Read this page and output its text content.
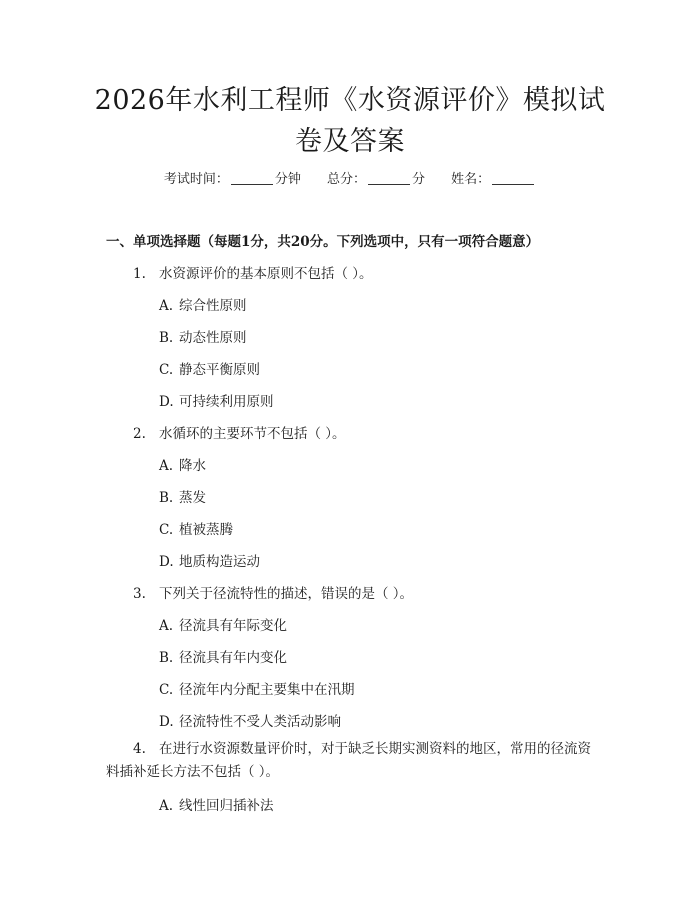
2026年水利工程师《水资源评价》模拟试卷及答案
考试时间：	分钟 总分：	分 姓名：
一、单项选择题（每题1分，共20分。下列选项中，只有一项符合题意）
1. 水资源评价的基本原则不包括（ ）。
A. 综合性原则
B. 动态性原则
C. 静态平衡原则
D. 可持续利用原则
2. 水循环的主要环节不包括（ ）。
A. 降水
B. 蒸发
C. 植被蒸腾
D. 地质构造运动
3. 下列关于径流特性的描述，错误的是（ ）。
A. 径流具有年际变化
B. 径流具有年内变化
C. 径流年内分配主要集中在汛期
D. 径流特性不受人类活动影响
4. 在进行水资源数量评价时，对于缺乏长期实测资料的地区，常用的径流资料插补延长方法不包括（ ）。
A. 线性回归插补法
